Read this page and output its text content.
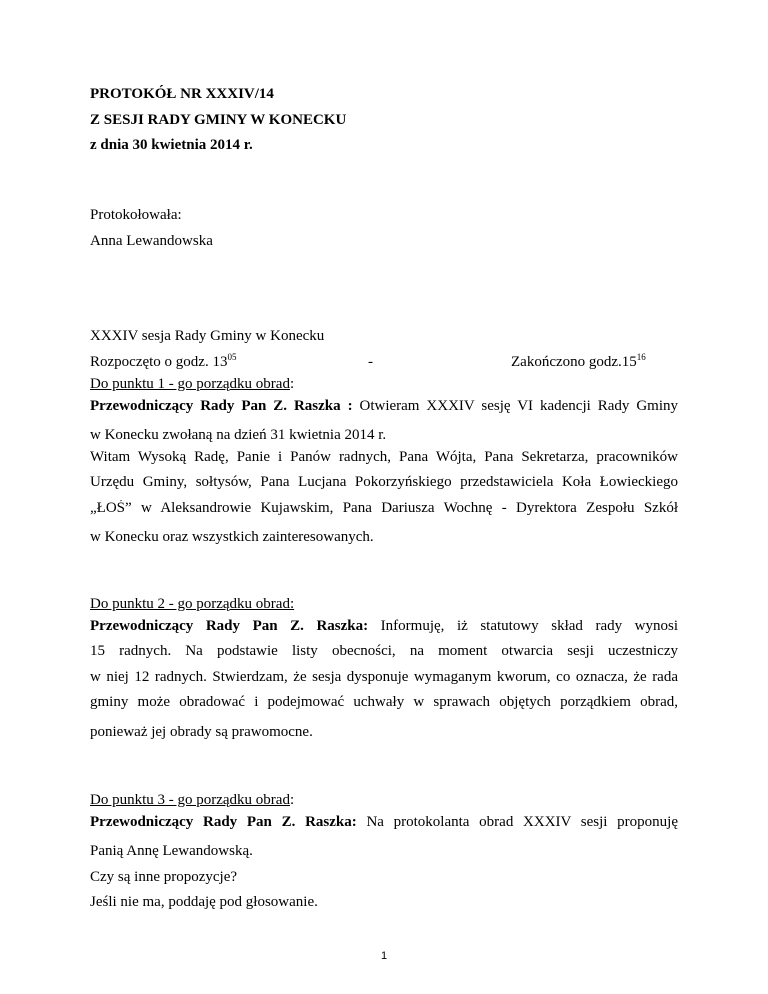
PROTOKÓŁ NR XXXIV/14
Z SESJI RADY GMINY W KONECKU
z dnia 30 kwietnia 2014 r.
Protokołowała:
Anna Lewandowska
XXXIV sesja Rady Gminy w Konecku
Rozpoczęto o godz. $13^{05}$	-	Zakończono $godz.15^{16}$
Do punktu 1 - go porządku obrad:
Przewodniczący Rady Pan Z. Raszka : Otwieram XXXIV sesję VI kadencji Rady Gminy
w Konecku zwołaną na dzień 31 kwietnia 2014 r.
Witam Wysoką Radę, Panie i Panów radnych, Pana Wójta, Pana Sekretarza, pracowników
Urzędu Gminy, sołtysów, Pana Lucjana Pokorzyńskiego przedstawiciela Koła Łowieckiego
„ŁOŚ” w Aleksandrowie Kujawskim, Pana Dariusza Wochnę - Dyrektora Zespołu Szkół
w Konecku oraz wszystkich zainteresowanych.
Do punktu 2 - go porządku obrad:
Przewodniczący Rady Pan Z. Raszka: Informuję, iż statutowy skład rady wynosi
15 radnych. Na podstawie listy obecności, na moment otwarcia sesji uczestniczy
w niej 12 radnych. Stwierdzam, że sesja dysponuje wymaganym kworum, co oznacza, że rada
gminy może obradować i podejmować uchwały w sprawach objętych porządkiem obrad,
ponieważ jej obrady są prawomocne.
Do punktu 3 - go porządku obrad:
Przewodniczący Rady Pan Z. Raszka: Na protokolanta obrad XXXIV sesji proponuję
Panią Annę Lewandowską.
Czy są inne propozycje?
Jeśli nie ma, poddaję pod głosowanie.
1
